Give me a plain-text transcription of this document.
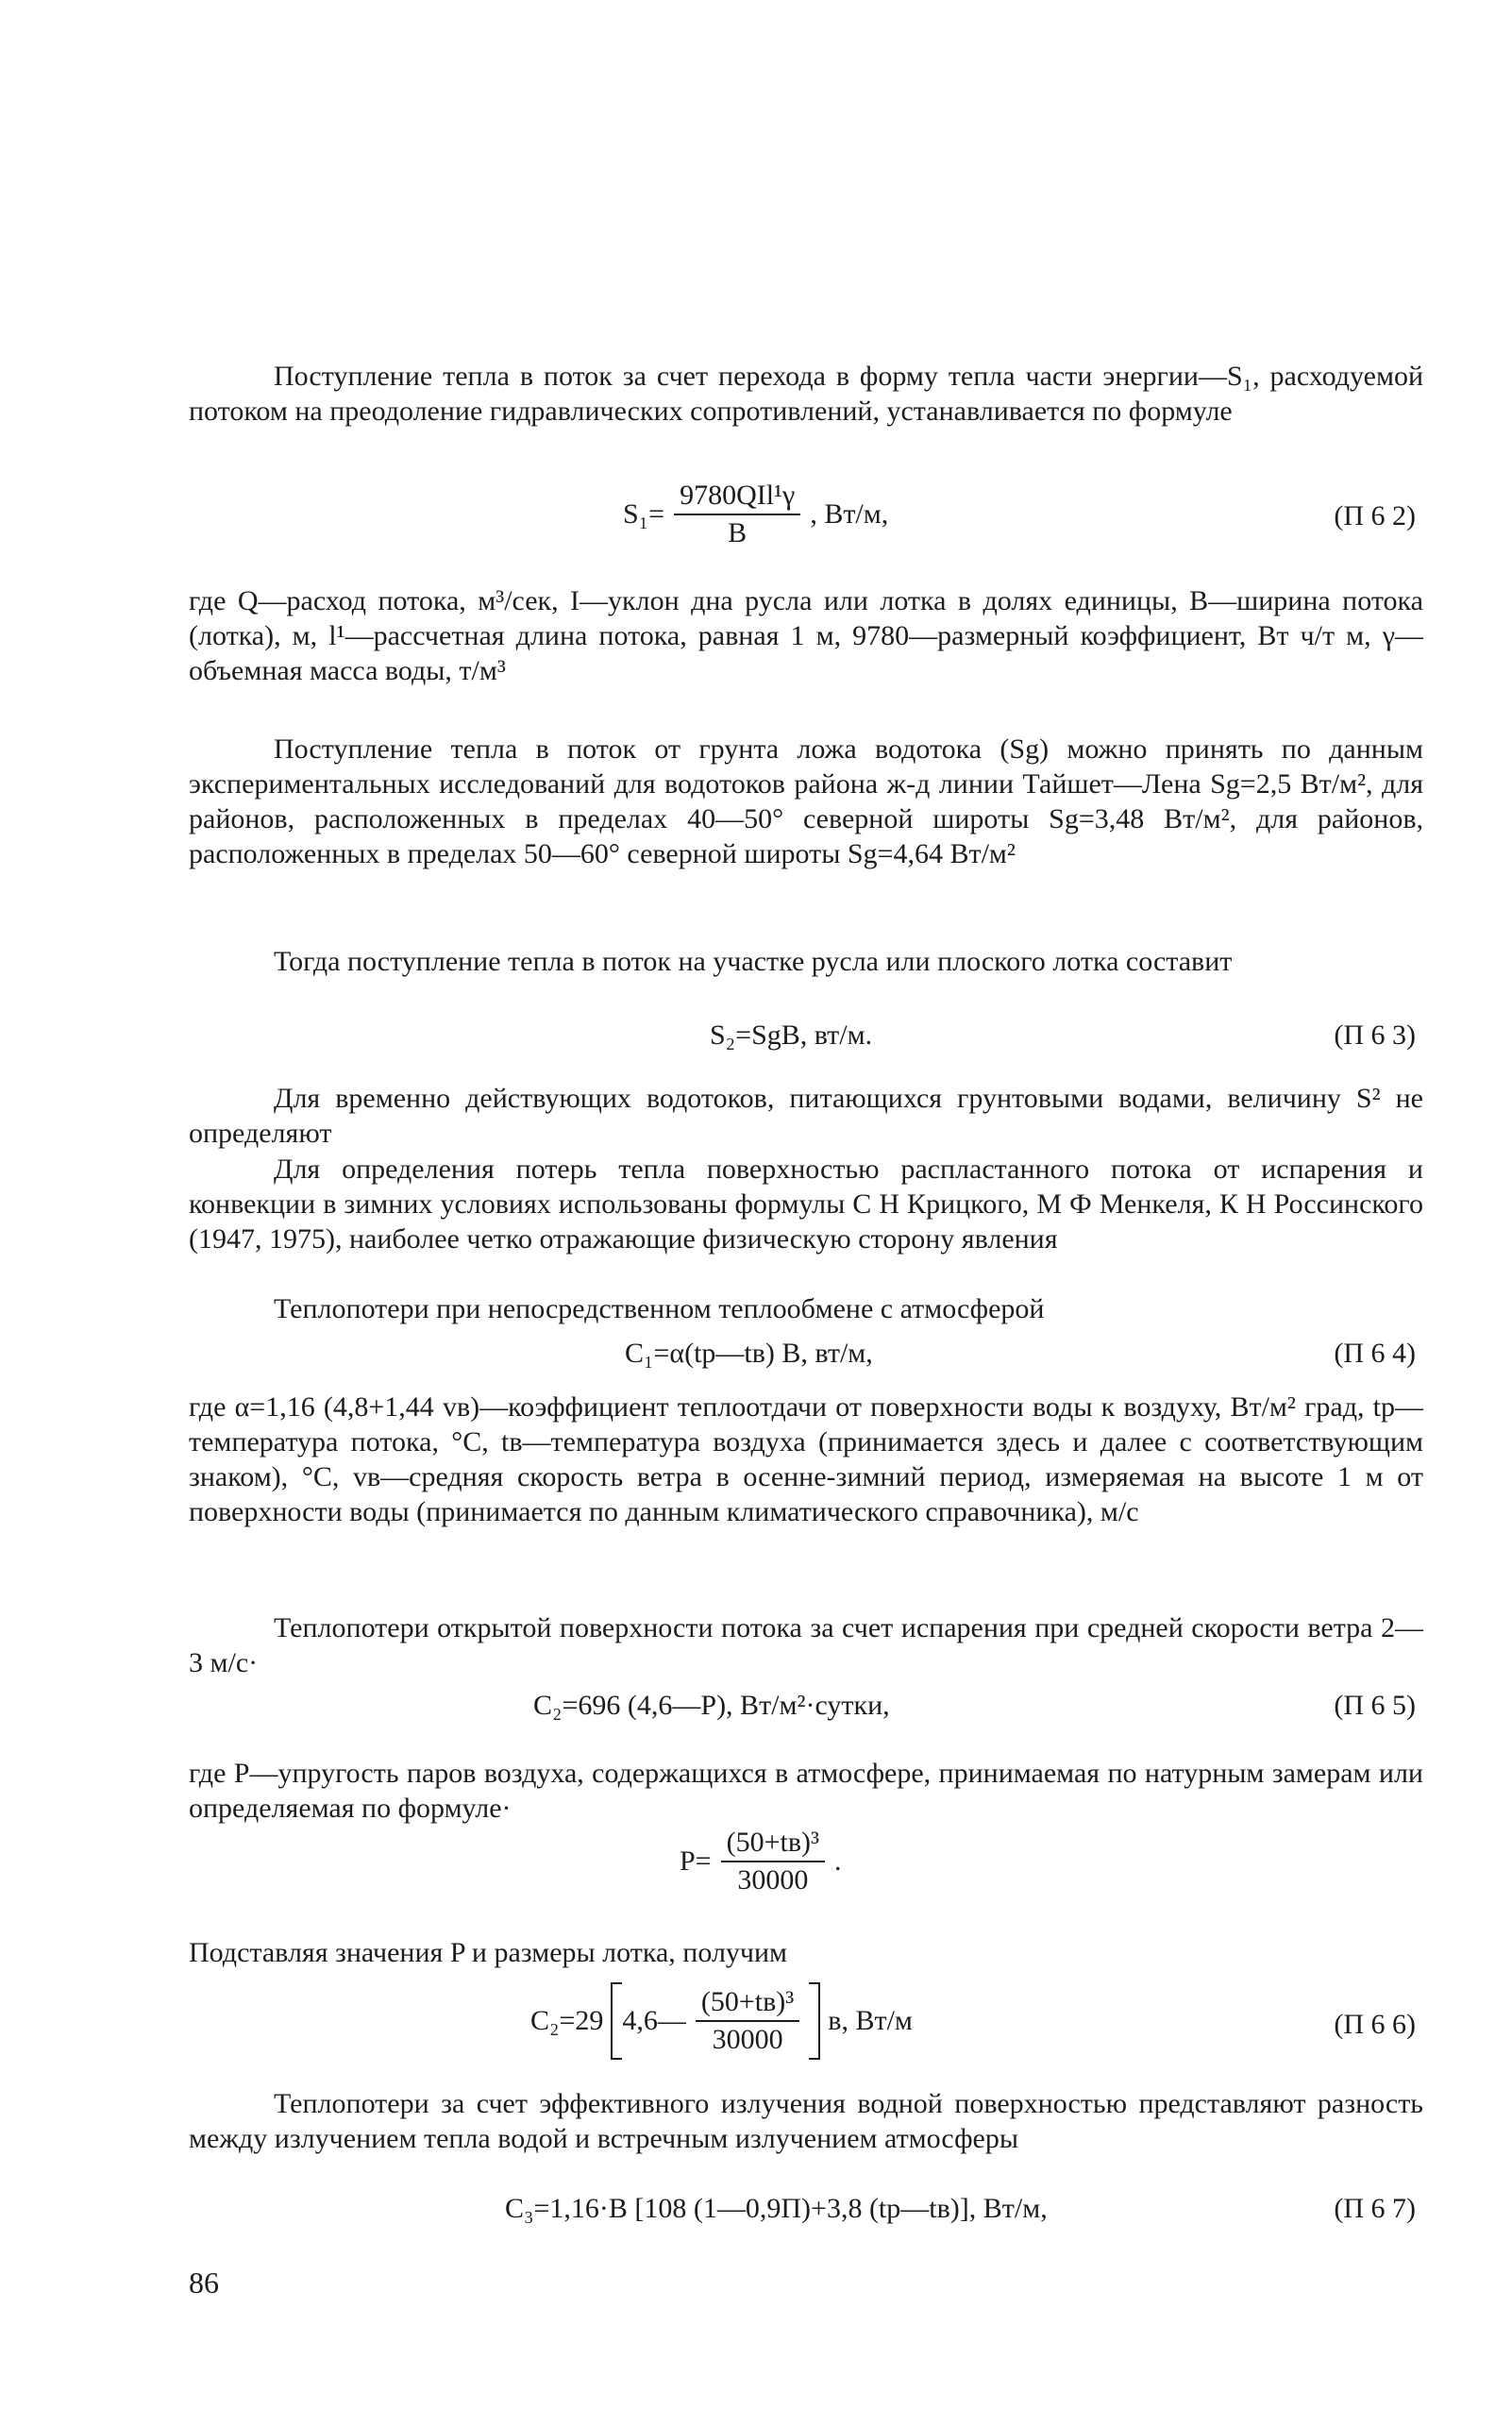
Поступление тепла в поток за счет перехода в форму тепла части энергии—S₁, расходуемой потоком на преодоление гидравлических сопротивлений, устанавливается по формуле

$S_1= \frac{\text{9780QIl¹γ}}{B}$ , Вт/м,	(П 6 2)

где Q—расход потока, м³/сек, I—уклон дна русла или лотка в долях единицы, B—ширина потока (лотка), м, l¹—рассчетная длина потока, равная 1 м, 9780—размерный коэффициент, Вт ч/т м, γ—объемная масса воды, т/м³

Поступление тепла в поток от грунта ложа водотока (Sg) можно принять по данным экспериментальных исследований для водотоков района ж-д линии Тайшет—Лена Sg=2,5 Вт/м², для районов, расположенных в пределах 40—50° северной широты Sg=3,48 Вт/м², для районов, расположенных в пределах 50—60° северной широты Sg=4,64 Вт/м²

Тогда поступление тепла в поток на участке русла или плоского лотка составит

S₂=SgB, вт/м.	(П 6 3)

Для временно действующих водотоков, питающихся грунтовыми водами, величину S² не определяют

Для определения потерь тепла поверхностью распластанного потока от испарения и конвекции в зимних условиях использованы формулы С Н Крицкого, М Ф Менкеля, К Н Россинского (1947, 1975), наиболее четко отражающие физическую сторону явления

Теплопотери при непосредственном теплообмене с атмосферой

C₁=α(tр—tв) B, вт/м,	(П 6 4)

где α=1,16 (4,8+1,44 vв)—коэффициент теплоотдачи от поверхности воды к воздуху, Вт/м² град, tр—температура потока, °С, tв—температура воздуха (принимается здесь и далее с соответствующим знаком), °С, vв—средняя скорость ветра в осенне-зимний период, измеряемая на высоте 1 м от поверхности воды (принимается по данным климатического справочника), м/с

Теплопотери открытой поверхности потока за счет испарения при средней скорости ветра 2—3 м/с·

C₂=696 (4,6—P), Вт/м²·сутки,	(П 6 5)

где P—упругость паров воздуха, содержащихся в атмосфере, принимаемая по натурным замерам или определяемая по формуле·

$P= \frac{\text{(50+tв)³}}{30000}$ .

Подставляя значения P и размеры лотка, получим

C₂=29 4,6— $\frac{\text{(50+tв)³}}{30000} в$, Вт/м	(П 6 6)

Теплопотери за счет эффективного излучения водной поверхностью представляют разность между излучением тепла водой и встречным излучением атмосферы

C₃=1,16·B [108 (1—0,9П)+3,8 (tр—tв)], Вт/м,	(П 6 7)
86
